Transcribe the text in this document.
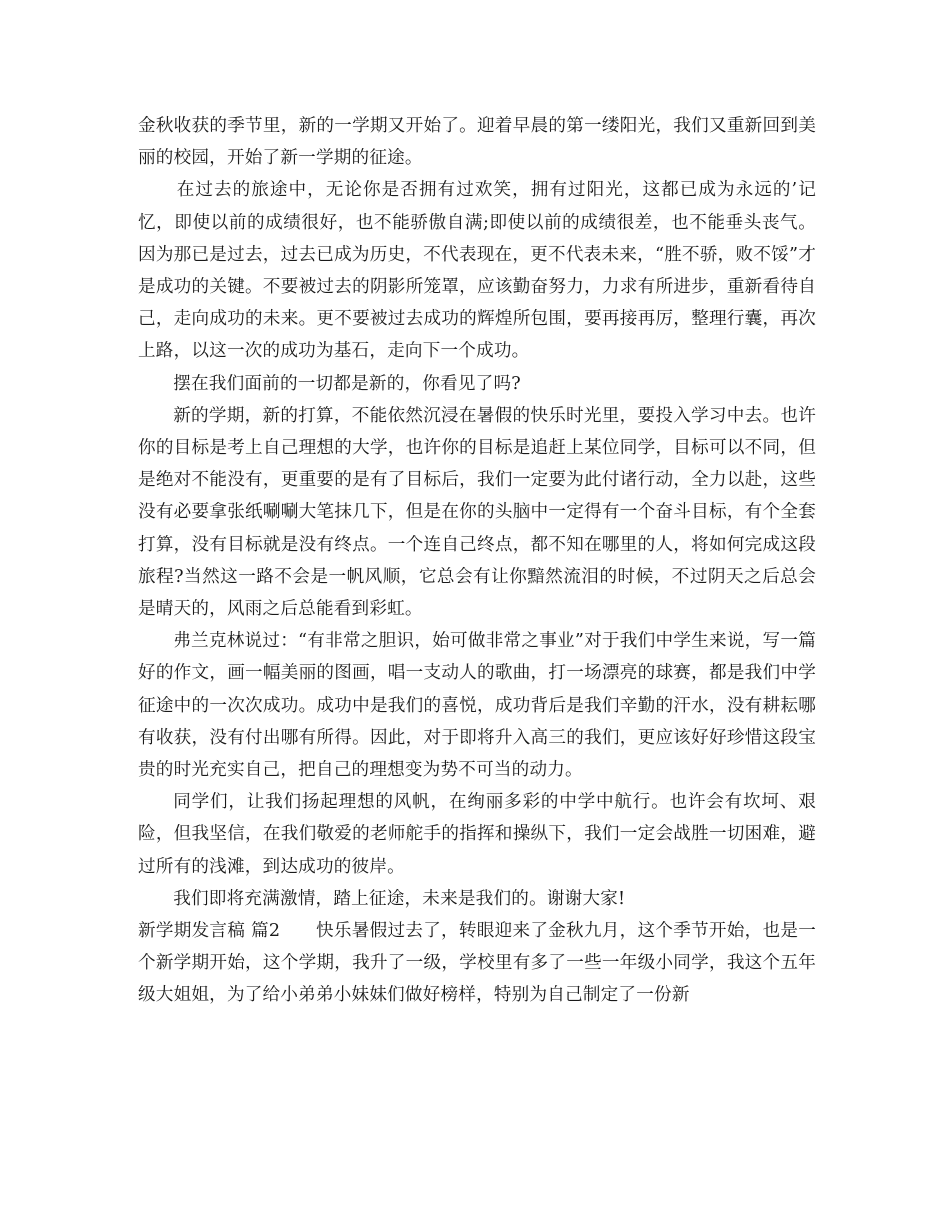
金秋收获的季节里，新的一学期又开始了。迎着早晨的第一缕阳光，我们又重新回到美丽的校园，开始了新一学期的征途。

在过去的旅途中，无论你是否拥有过欢笑，拥有过阳光，这都已成为永远的’记忆，即使以前的成绩很好，也不能骄傲自满;即使以前的成绩很差，也不能垂头丧气。因为那已是过去，过去已成为历史，不代表现在，更不代表未来，“胜不骄，败不馁”才是成功的关键。不要被过去的阴影所笼罩，应该勤奋努力，力求有所进步，重新看待自己，走向成功的未来。更不要被过去成功的辉煌所包围，要再接再厉，整理行囊，再次上路，以这一次的成功为基石，走向下一个成功。

摆在我们面前的一切都是新的，你看见了吗?

新的学期，新的打算，不能依然沉浸在暑假的快乐时光里，要投入学习中去。也许你的目标是考上自己理想的大学，也许你的目标是追赶上某位同学，目标可以不同，但是绝对不能没有，更重要的是有了目标后，我们一定要为此付诸行动，全力以赴，这些没有必要拿张纸唰唰大笔抹几下，但是在你的头脑中一定得有一个奋斗目标，有个全套打算，没有目标就是没有终点。一个连自己终点，都不知在哪里的人，将如何完成这段旅程?当然这一路不会是一帆风顺，它总会有让你黯然流泪的时候，不过阴天之后总会是晴天的，风雨之后总能看到彩虹。

弗兰克林说过：“有非常之胆识，始可做非常之事业”对于我们中学生来说，写一篇好的作文，画一幅美丽的图画，唱一支动人的歌曲，打一场漂亮的球赛，都是我们中学征途中的一次次成功。成功中是我们的喜悦，成功背后是我们辛勤的汗水，没有耕耘哪有收获，没有付出哪有所得。因此，对于即将升入高三的我们，更应该好好珍惜这段宝贵的时光充实自己，把自己的理想变为势不可当的动力。

同学们，让我们扬起理想的风帆，在绚丽多彩的中学中航行。也许会有坎坷、艰险，但我坚信，在我们敬爱的老师舵手的指挥和操纵下，我们一定会战胜一切困难，避过所有的浅滩，到达成功的彼岸。

我们即将充满激情，踏上征途，未来是我们的。谢谢大家!

新学期发言稿 篇2　　 快乐暑假过去了，转眼迎来了金秋九月，这个季节开始，也是一个新学期开始，这个学期，我升了一级，学校里有多了一些一年级小同学，我这个五年级大姐姐，为了给小弟弟小妹妹们做好榜样，特别为自己制定了一份新
